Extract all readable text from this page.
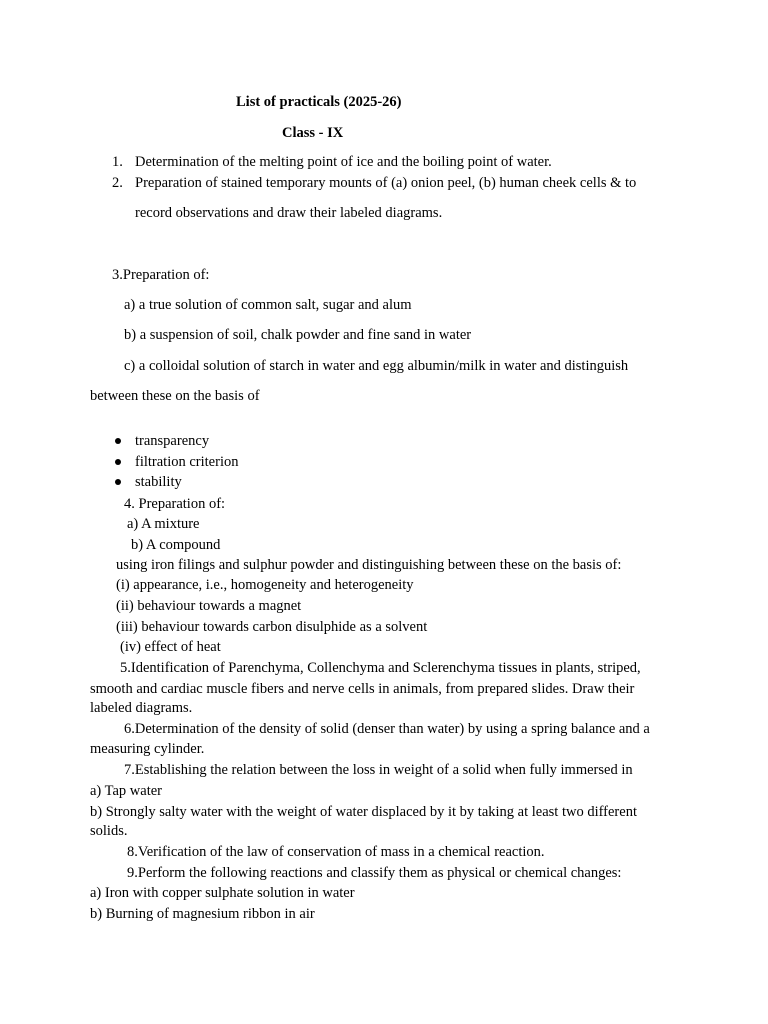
List of practicals (2025-26)
Class - IX
1. Determination of the melting point of ice and the boiling point of water.
2. Preparation of stained temporary mounts of (a) onion peel, (b) human cheek cells & to
record observations and draw their labeled diagrams.
3.Preparation of:
a) a true solution of common salt, sugar and alum
b) a suspension of soil, chalk powder and fine sand in water
c) a colloidal solution of starch in water and egg albumin/milk in water and distinguish
between these on the basis of
transparency
filtration criterion
stability
4. Preparation of:
a) A mixture
b) A compound
using iron filings and sulphur powder and distinguishing between these on the basis of:
(i) appearance, i.e., homogeneity and heterogeneity
(ii) behaviour towards a magnet
(iii) behaviour towards carbon disulphide as a solvent
(iv) effect of heat
5.Identification of Parenchyma, Collenchyma and Sclerenchyma tissues in plants, striped,
smooth and cardiac muscle fibers and nerve cells in animals, from prepared slides. Draw their
labeled diagrams.
6.Determination of the density of solid (denser than water) by using a spring balance and a
measuring cylinder.
7.Establishing the relation between the loss in weight of a solid when fully immersed in
a) Tap water
b) Strongly salty water with the weight of water displaced by it by taking at least two different
solids.
8.Verification of the law of conservation of mass in a chemical reaction.
9.Perform the following reactions and classify them as physical or chemical changes:
a) Iron with copper sulphate solution in water
b) Burning of magnesium ribbon in air
